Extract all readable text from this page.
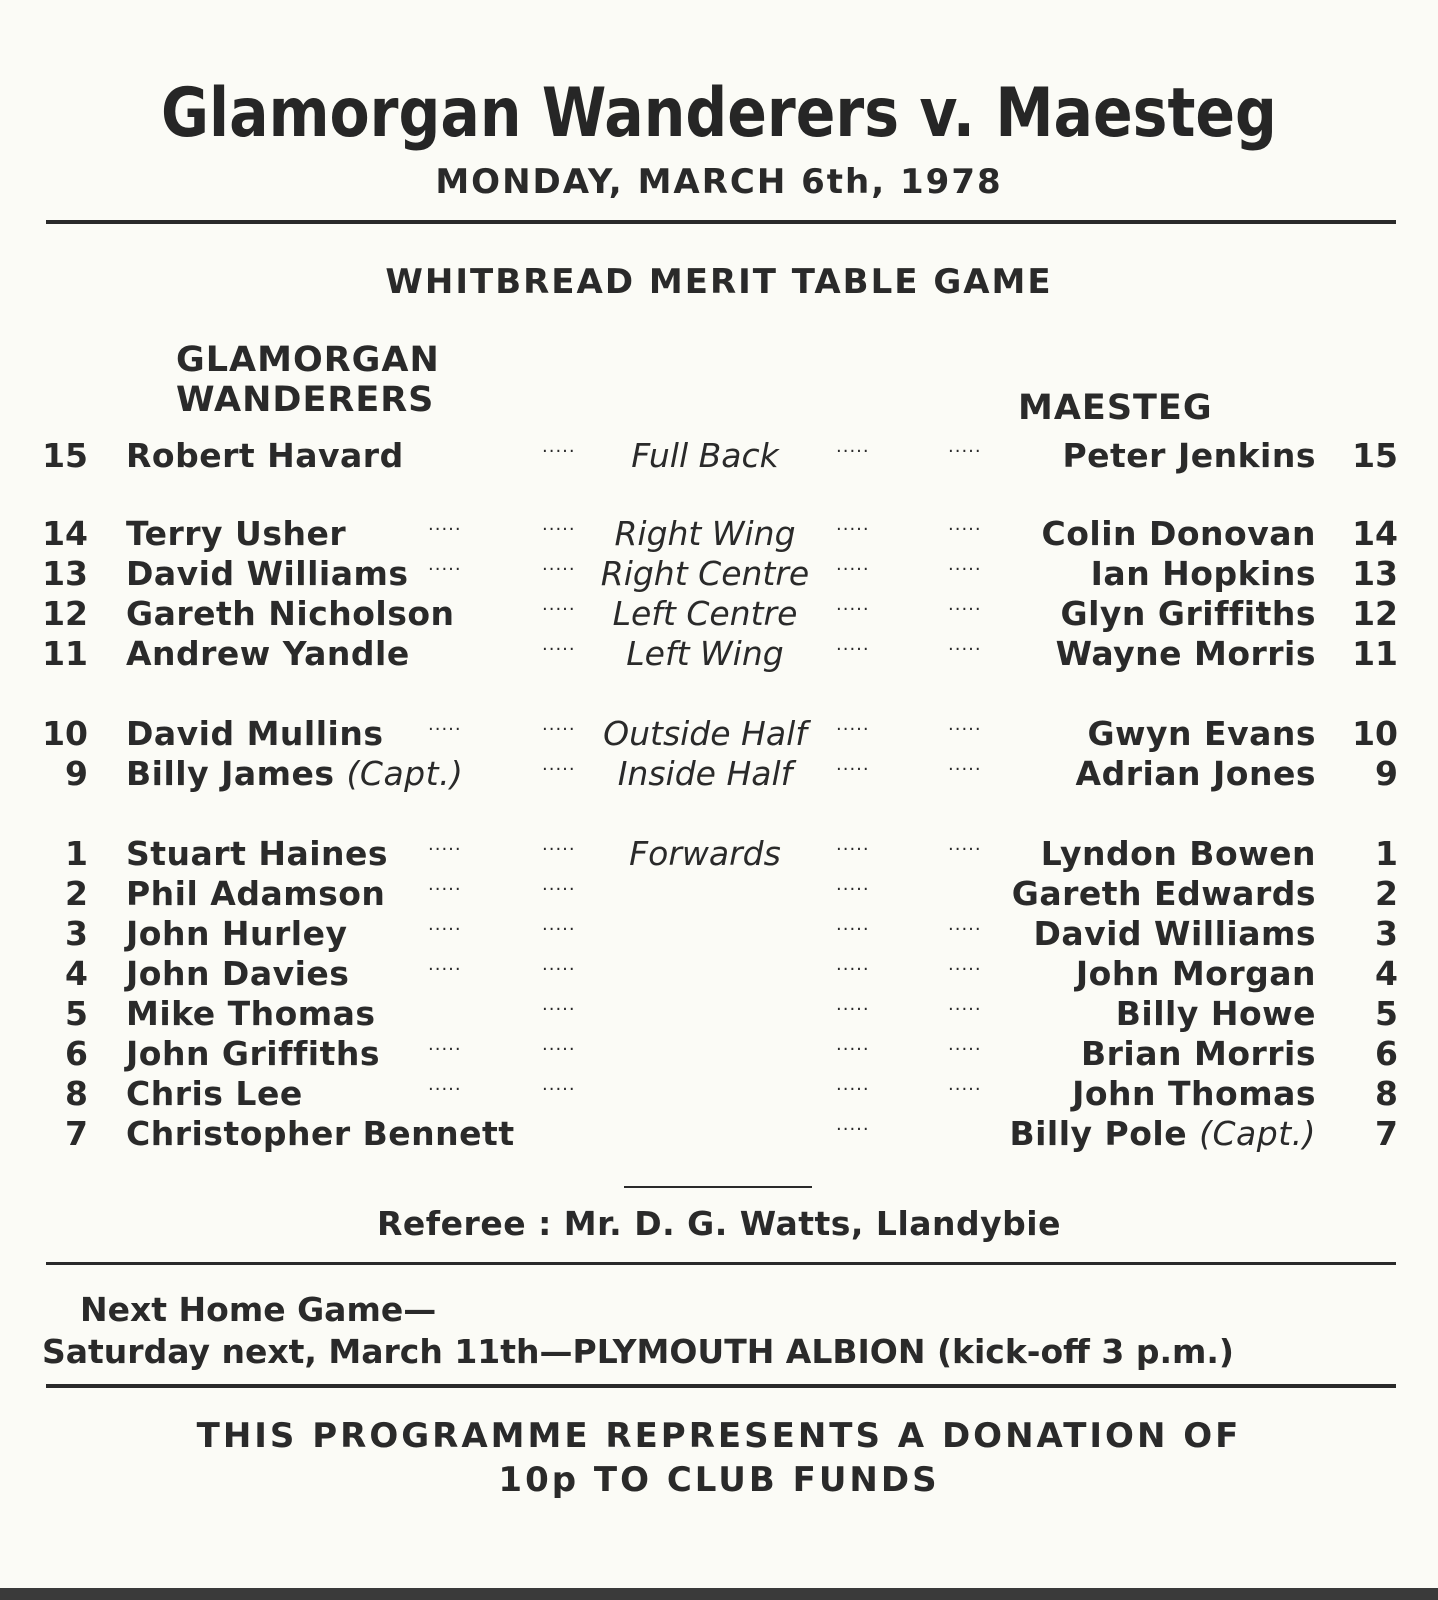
Glamorgan Wanderers v. Maesteg
MONDAY, MARCH 6th, 1978
WHITBREAD MERIT TABLE GAME
GLAMORGAN
WANDERERS	MAESTEG
15 Robert Havard	.....	Full Back	.....	..... Peter Jenkins 15
14 Terry Usher	.....	.....	Right Wing	.....	..... Colin Donovan 14
13 David Williams .....	..... Right Centre	.....	.....	Ian Hopkins 13
12 Gareth Nicholson	.....	Left Centre	.....	..... Glyn Griffiths 12
11 Andrew Yandle	.....	Left Wing	.....	..... Wayne Morris 11
10 David Mullins .....	..... Outside Half	.....	.....	Gwyn Evans 10
9 Billy James (Capt.)	.....	Inside Half	.....	.....	Adrian Jones 9
1 Stuart Haines .....	.....	Forwards	.....	..... Lyndon Bowen 1
2 Phil Adamson .....	.....	.....	Gareth Edwards 2
3 John Hurley	.....	.....	.....	..... David Williams 3
4 John Davies	.....	.....	.....	.....	John Morgan 4
5 Mike Thomas	.....	.....	.....	Billy Howe 5
6 John Griffiths	.....	.....	.....	.....	Brian Morris 6
8 Chris Lee	.....	.....	.....	.....	John Thomas 8
7 Christopher Bennett	.....	Billy Pole (Capt.) 7
Referee : Mr. D. G. Watts, Llandybie
Next Home Game—
Saturday next, March 11th—PLYMOUTH ALBION (kick-off 3 p.m.)
THIS PROGRAMME REPRESENTS A DONATION OF
10p TO CLUB FUNDS
